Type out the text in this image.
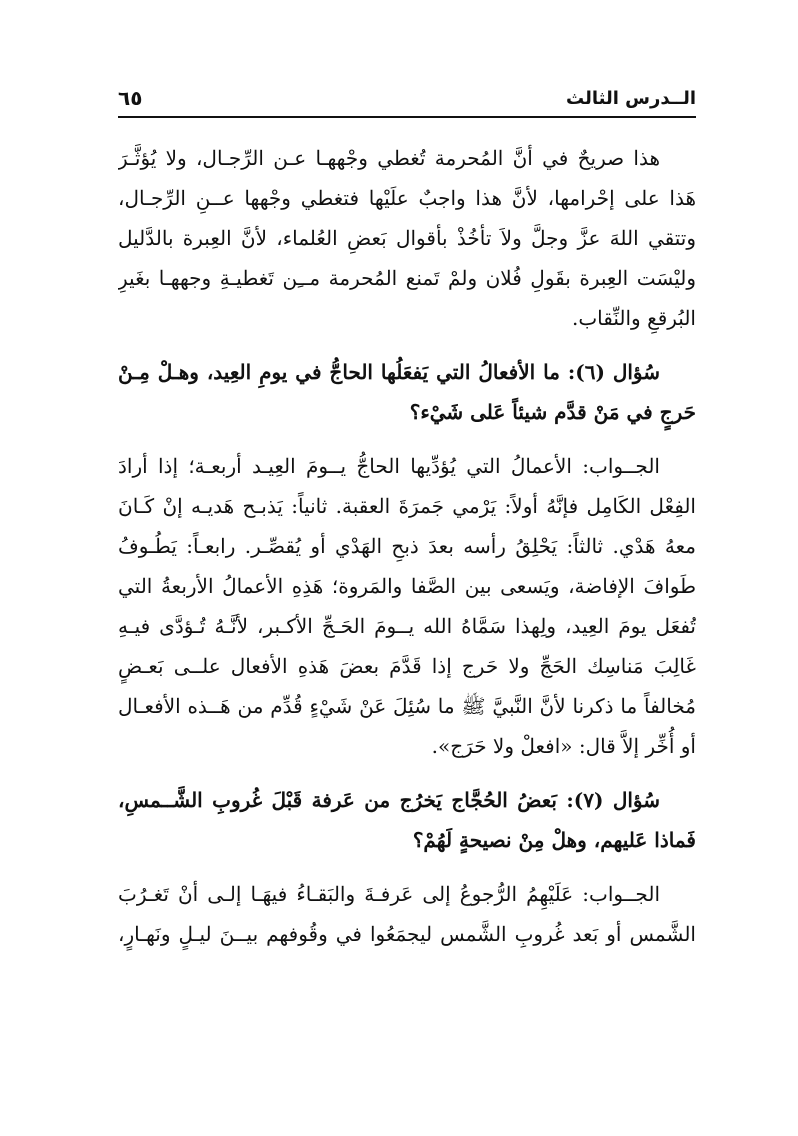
الــدرس الثالث
٦٥
هذا صريحٌ في أنَّ المُحرمة تُغطي وجْههـا عـن الرِّجـال، ولا يُؤثَّـرَ
هَذا على إحْرامها، لأنَّ هذا واجبٌ علَيْها فتغطي وجْهها عــنِ الرِّجـال،
وتتقي اللهَ عزَّ وجلَّ ولاَ تأخُذْ بأقوال بَعضِ العُلماء، لأنَّ العِبرة بالدَّليل
وليْسَت العِبرة بقَولِ فُلان ولمْ تَمنع المُحرمة مــِن تَغطيـةِ وجههـا بغَيرِ
البُرقعِ والنِّقاب.
سُؤال (٦): ما الأفعالُ التي يَفعَلُها الحاجُّ في يومِ العِيد، وهـلْ مِـنْ
حَرجٍ في مَنْ قدَّم شيئاً عَلى شَيْء؟
الجــواب: الأعمالُ التي يُؤدِّيها الحاجُّ يــومَ العِيـد أربعـة؛ إذا أرادَ
الفِعْل الكَامِل فإنَّهُ أولاً: يَرْمي جَمرَةَ العقبة. ثانياً: يَذبـح هَديـه إنْ كَـانَ
معهُ هَدْي. ثالثاً: يَحْلِقُ رأسه بعدَ ذبحِ الهَدْي أو يُقصِّـر. رابعـاً: يَطُـوفُ
طَوافَ الإفاضة، ويَسعى بين الصَّفا والمَروة؛ هَذِهِ الأعمالُ الأربعةُ التي
تُفعَل يومَ العِيد، ولِهذا سَمَّاهُ الله يــومَ الحَـجِّ الأكـبر، لأنَّـهُ تُـؤدَّى فيـهِ
غَالِبَ مَناسِك الحَجِّ ولا حَرج إذا قَدَّمَ بعضَ هَذهِ الأفعال علــى بَعـضٍ
مُخالفاً ما ذكرنا لأنَّ النَّبيَّ ﷺ ما سُئِلَ عَنْ شَيْءٍ قُدِّم من هَــذه الأفعـال
أو أُخِّر إلاَّ قال: «افعلْ ولا حَرَج».
سُؤال (٧): بَعضُ الحُجَّاج يَخرُج من عَرفة قَبْلَ غُروبِ الشَّــمسِ،
فَماذا عَليهم، وهلْ مِنْ نصيحةٍ لَهُمْ؟
الجــواب: عَلَيْهِمُ الرُّجوعُ إلى عَرفـةَ والبَقـاءُ فيهَـا إلـى أنْ تَغـرُبَ
الشَّمس أو بَعد غُروبِ الشَّمس ليجمَعُوا في وقُوفهم بيــنَ ليـلٍ ونَهـارٍ،
